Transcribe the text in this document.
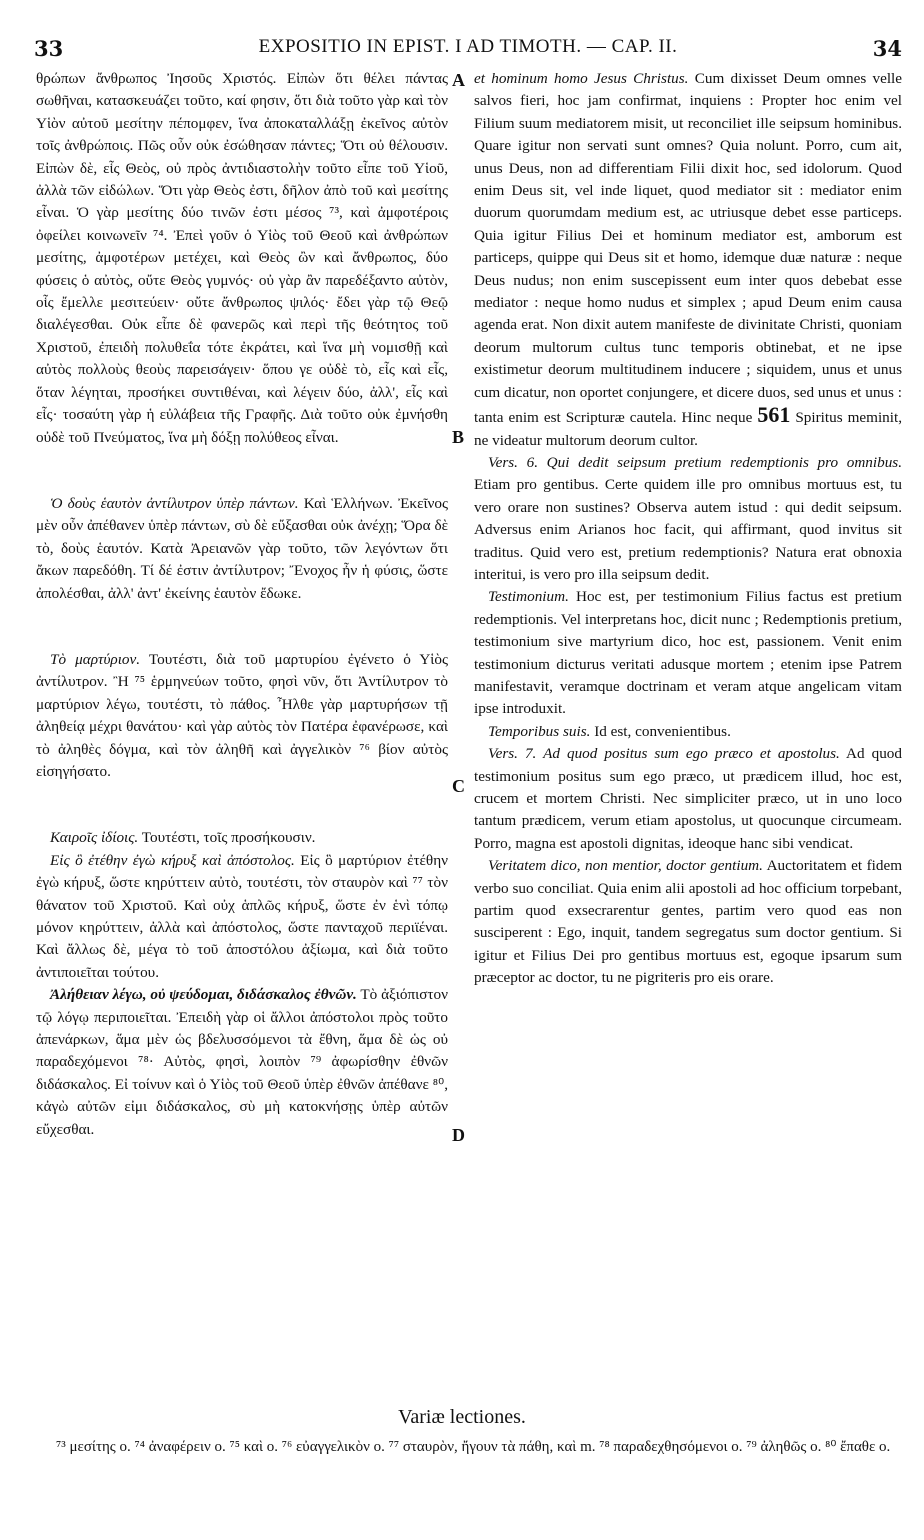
33	EXPOSITIO IN EPIST. I AD TIMOTH. — CAP. II.	34

θρώπων ἄνθρωπος Ἰησοῦς Χριστός. Εἰπὼν ὅτι θέλει πάντας σωθῆναι, κατασκευάζει τοῦτο, καί φησιν, ὅτι διὰ τοῦτο γὰρ καὶ τὸν Υἱὸν αὐτοῦ μεσίτην πέπομφεν, ἵνα ἀποκαταλλάξῃ ἐκεῖνος αὐτὸν τοῖς ἀνθρώποις. Πῶς οὖν οὐκ ἐσώθησαν πάντες; Ὅτι οὐ θέλουσιν. Εἰπὼν δὲ, εἷς Θεὸς, οὐ πρὸς ἀντιδιαστολὴν τοῦτο εἶπε τοῦ Υἱοῦ, ἀλλὰ τῶν εἰδώλων. Ὅτι γὰρ Θεὸς ἐστι, δῆλον ἀπὸ τοῦ καὶ μεσίτης εἶναι. Ὁ γὰρ μεσίτης δύο τινῶν ἐστι μέσος ⁷³, καὶ ἀμφοτέροις ὀφείλει κοινωνεῖν ⁷⁴. Ἐπεὶ γοῦν ὁ Υἱὸς τοῦ Θεοῦ καὶ ἀνθρώπων μεσίτης, ἀμφοτέρων μετέχει, καὶ Θεὸς ὢν καὶ ἄνθρωπος, δύο φύσεις ὁ αὐτὸς, οὔτε Θεὸς γυμνός· οὐ γὰρ ἂν παρεδέξαντο αὐτὸν, οἷς ἔμελλε μεσιτεύειν· οὔτε ἄνθρωπος ψιλός· ἔδει γὰρ τῷ Θεῷ διαλέγεσθαι. Οὐκ εἶπε δὲ φανερῶς καὶ περὶ τῆς θεότητος τοῦ Χριστοῦ, ἐπειδὴ πολυθεΐα τότε ἐκράτει, καὶ ἵνα μὴ νομισθῇ καὶ αὐτὸς πολλοὺς θεοὺς παρεισάγειν· ὅπου γε οὐδὲ τὸ, εἷς καὶ εἷς, ὅταν λέγηται, προσήκει συντιθέναι, καὶ λέγειν δύο, ἀλλ', εἷς καὶ εἷς· τοσαύτη γὰρ ἡ εὐλάβεια τῆς Γραφῆς. Διὰ τοῦτο οὐκ ἐμνήσθη οὐδὲ τοῦ Πνεύματος, ἵνα μὴ δόξῃ πολύθεος εἶναι.

Ὁ δοὺς ἑαυτὸν ἀντίλυτρον ὑπὲρ πάντων. Καὶ Ἑλλήνων. Ἐκεῖνος μὲν οὖν ἀπέθανεν ὑπὲρ πάντων, σὺ δὲ εὔξασθαι οὐκ ἀνέχῃ; Ὅρα δὲ τὸ, δοὺς ἑαυτόν. Κατὰ Ἀρειανῶν γὰρ τοῦτο, τῶν λεγόντων ὅτι ἄκων παρεδόθη. Τί δέ ἐστιν ἀντίλυτρον; Ἔνοχος ἦν ἡ φύσις, ὥστε ἀπολέσθαι, ἀλλ' ἀντ' ἐκείνης ἑαυτὸν ἔδωκε.

Τὸ μαρτύριον. Τουτέστι, διὰ τοῦ μαρτυρίου ἐγένετο ὁ Υἱὸς ἀντίλυτρον. Ἢ ⁷⁵ ἑρμηνεύων τοῦτο, φησὶ νῦν, ὅτι Ἀντίλυτρον τὸ μαρτύριον λέγω, τουτέστι, τὸ πάθος. Ἦλθε γὰρ μαρτυρήσων τῇ ἀληθείᾳ μέχρι θανάτου· καὶ γὰρ αὐτὸς τὸν Πατέρα ἐφανέρωσε, καὶ τὸ ἀληθὲς δόγμα, καὶ τὸν ἀληθῆ καὶ ἀγγελικὸν ⁷⁶ βίον αὐτὸς εἰσηγήσατο.

Καιροῖς ἰδίοις. Τουτέστι, τοῖς προσήκουσιν.

Εἰς ὃ ἐτέθην ἐγὼ κήρυξ καὶ ἀπόστολος. Εἰς ὃ μαρτύριον ἐτέθην ἐγὼ κήρυξ, ὥστε κηρύττειν αὐτὸ, τουτέστι, τὸν σταυρὸν καὶ ⁷⁷ τὸν θάνατον τοῦ Χριστοῦ. Καὶ οὐχ ἁπλῶς κήρυξ, ὥστε ἐν ἑνὶ τόπῳ μόνον κηρύττειν, ἀλλὰ καὶ ἀπόστολος, ὥστε πανταχοῦ περιϊέναι. Καὶ ἄλλως δὲ, μέγα τὸ τοῦ ἀποστόλου ἀξίωμα, καὶ διὰ τοῦτο ἀντιποιεῖται τούτου.

Ἀλήθειαν λέγω, οὐ ψεύδομαι, διδάσκαλος ἐθνῶν. Τὸ ἀξιόπιστον τῷ λόγῳ περιποιεῖται. Ἐπειδὴ γὰρ οἱ ἄλλοι ἀπόστολοι πρὸς τοῦτο ἀπενάρκων, ἅμα μὲν ὡς βδελυσσόμενοι τὰ ἔθνη, ἅμα δὲ ὡς οὐ παραδεχόμενοι ⁷⁸· Αὐτὸς, φησὶ, λοιπὸν ⁷⁹ ἀφωρίσθην ἐθνῶν διδάσκαλος. Εἰ τοίνυν καὶ ὁ Υἱὸς τοῦ Θεοῦ ὑπὲρ ἐθνῶν ἀπέθανε ⁸⁰, κἀγὼ αὐτῶν εἰμι διδάσκαλος, σὺ μὴ κατοκνήσῃς ὑπὲρ αὐτῶν εὔχεσθαι.

A
B
C
D

et hominum homo Jesus Christus. Cum dixisset Deum omnes velle salvos fieri, hoc jam confirmat, inquiens : Propter hoc enim vel Filium suum mediatorem misit, ut reconciliet ille seipsum hominibus. Quare igitur non servati sunt omnes? Quia nolunt. Porro, cum ait, unus Deus, non ad differentiam Filii dixit hoc, sed idolorum. Quod enim Deus sit, vel inde liquet, quod mediator sit : mediator enim duorum quorumdam medium est, ac utriusque debet esse particeps. Quia igitur Filius Dei et hominum mediator est, amborum est particeps, quippe qui Deus sit et homo, idemque duæ naturæ : neque Deus nudus; non enim suscepissent eum inter quos debebat esse mediator : neque homo nudus et simplex ; apud Deum enim causa agenda erat. Non dixit autem manifeste de divinitate Christi, quoniam deorum multorum cultus tunc temporis obtinebat, et ne ipse existimetur deorum multitudinem inducere ; siquidem, unus et unus cum dicatur, non oportet conjungere, et dicere duos, sed unus et unus : tanta enim est Scripturæ cautela. Hinc neque 561 Spiritus meminit, ne videatur multorum deorum cultor.

Vers. 6. Qui dedit seipsum pretium redemptionis pro omnibus. Etiam pro gentibus. Certe quidem ille pro omnibus mortuus est, tu vero orare non sustines? Observa autem istud : qui dedit seipsum. Adversus enim Arianos hoc facit, qui affirmant, quod invitus sit traditus. Quid vero est, pretium redemptionis? Natura erat obnoxia interitui, is vero pro illa seipsum dedit.

Testimonium. Hoc est, per testimonium Filius factus est pretium redemptionis. Vel interpretans hoc, dicit nunc ; Redemptionis pretium, testimonium sive martyrium dico, hoc est, passionem. Venit enim testimonium dicturus veritati adusque mortem ; etenim ipse Patrem manifestavit, veramque doctrinam et veram atque angelicam vitam ipse introduxit.

Temporibus suis. Id est, convenientibus.

Vers. 7. Ad quod positus sum ego præco et apostolus. Ad quod testimonium positus sum ego præco, ut prædicem illud, hoc est, crucem et mortem Christi. Nec simpliciter præco, ut in uno loco tantum prædicem, verum etiam apostolus, ut quocunque circumeam. Porro, magna est apostoli dignitas, ideoque hanc sibi vendicat.

Veritatem dico, non mentior, doctor gentium. Auctoritatem et fidem verbo suo conciliat. Quia enim alii apostoli ad hoc officium torpebant, partim quod exsecrarentur gentes, partim vero quod eas non susciperent : Ego, inquit, tandem segregatus sum doctor gentium. Si igitur et Filius Dei pro gentibus mortuus est, egoque ipsarum sum præceptor ac doctor, tu ne pigriteris pro eis orare.

Variæ lectiones.
⁷³ μεσίτης ο. ⁷⁴ ἀναφέρειν ο. ⁷⁵ καὶ ο. ⁷⁶ εὐαγγελικὸν ο. ⁷⁷ σταυρὸν, ἤγουν τὰ πάθη, καὶ m. ⁷⁸ παραδεχθησόμενοι ο. ⁷⁹ ἀληθῶς ο. ⁸⁰ ἔπαθε ο.
